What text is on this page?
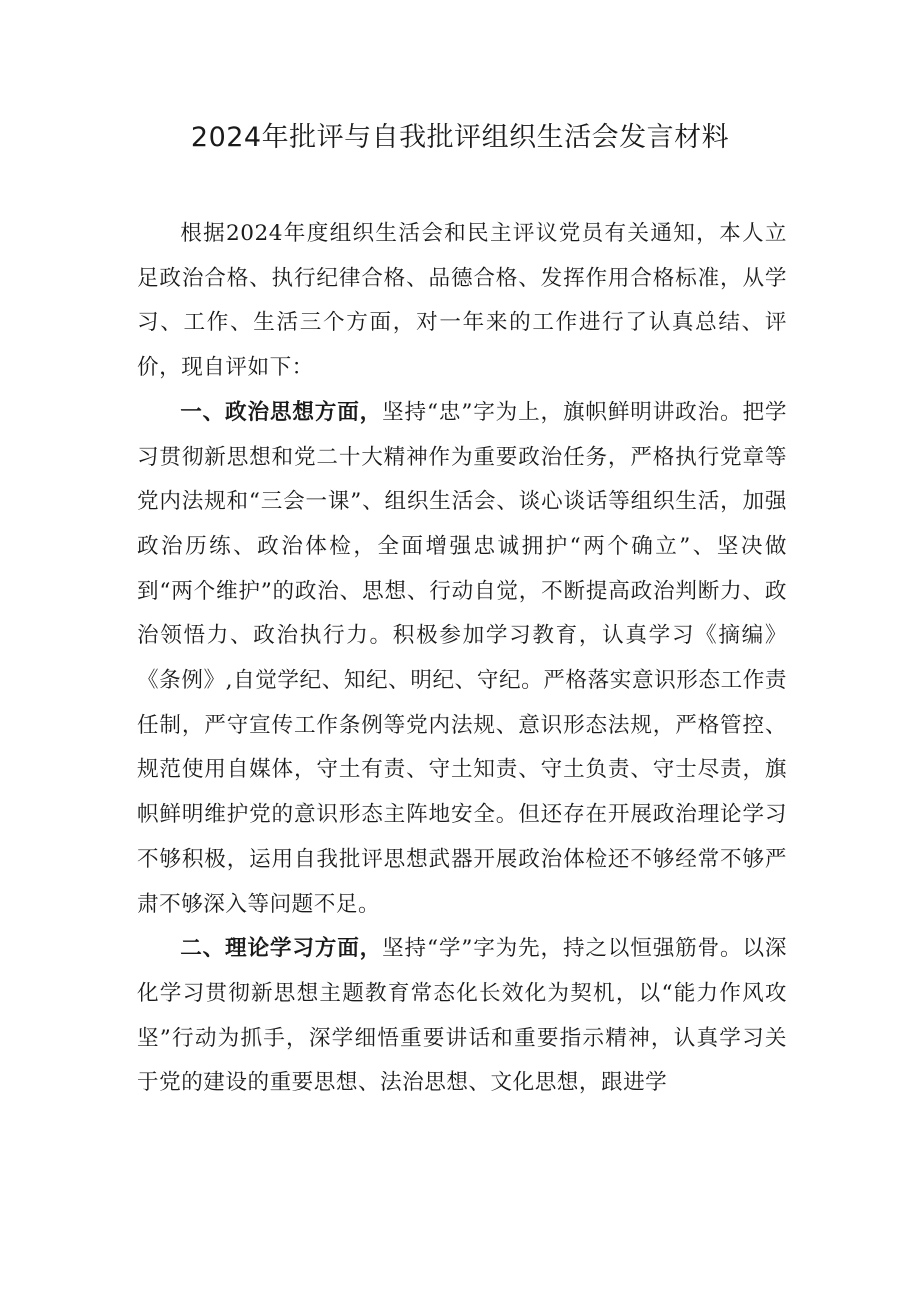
2024年批评与自我批评组织生活会发言材料

根据2024年度组织生活会和民主评议党员有关通知，本人立足政治合格、执行纪律合格、品德合格、发挥作用合格标准，从学习、工作、生活三个方面，对一年来的工作进行了认真总结、评价，现自评如下：

一、政治思想方面，坚持“忠”字为上，旗帜鲜明讲政治。把学习贯彻新思想和党二十大精神作为重要政治任务，严格执行党章等党内法规和“三会一课”、组织生活会、谈心谈话等组织生活，加强政治历练、政治体检，全面增强忠诚拥护“两个确立”、坚决做到“两个维护”的政治、思想、行动自觉，不断提高政治判断力、政治领悟力、政治执行力。积极参加学习教育，认真学习《摘编》《条例》,自觉学纪、知纪、明纪、守纪。严格落实意识形态工作责任制，严守宣传工作条例等党内法规、意识形态法规，严格管控、规范使用自媒体，守土有责、守土知责、守土负责、守士尽责，旗帜鲜明维护党的意识形态主阵地安全。但还存在开展政治理论学习不够积极，运用自我批评思想武器开展政治体检还不够经常不够严肃不够深入等问题不足。

二、理论学习方面，坚持“学”字为先，持之以恒强筋骨。以深化学习贯彻新思想主题教育常态化长效化为契机，以“能力作风攻坚”行动为抓手，深学细悟重要讲话和重要指示精神，认真学习关于党的建设的重要思想、法治思想、文化思想，跟进学
